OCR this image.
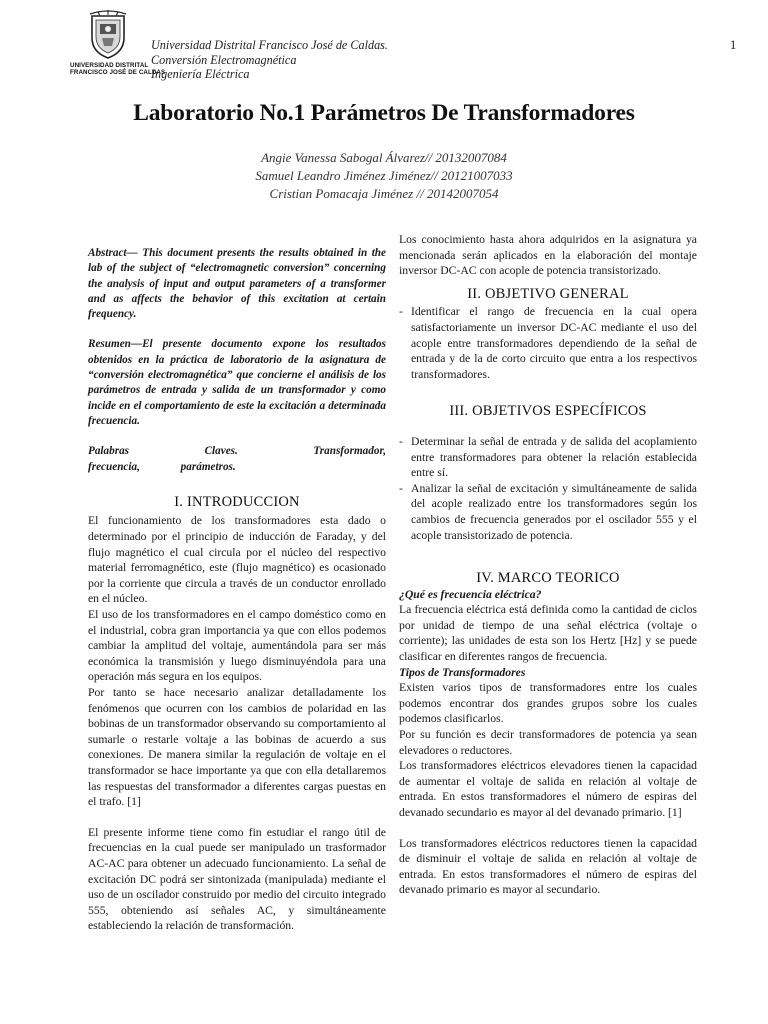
UNIVERSIDAD DISTRITAL
FRANCISCO JOSÉ DE CALDAS
Universidad Distrital Francisco José de Caldas.
Conversión Electromagnética
Ingeniería Eléctrica
1
Laboratorio No.1 Parámetros De Transformadores
Angie Vanessa Sabogal Álvarez// 20132007084
Samuel Leandro Jiménez Jiménez// 20121007033
Cristian Pomacaja Jiménez // 20142007054

Abstract— This document presents the results obtained in the lab of the subject of “electromagnetic conversion” concerning the analysis of input and output parameters of a transformer and as affects the behavior of this excitation at certain frequency.

Resumen—El presente documento expone los resultados obtenidos en la práctica de laboratorio de la asignatura de “conversión electromagnética” que concierne el análisis de los parámetros de entrada y salida de un transformador y como incide en el comportamiento de este la excitación a determinada frecuencia.

Palabras Claves. Transformador, frecuencia, parámetros.

I. INTRODUCCION

El funcionamiento de los transformadores esta dado o determinado por el principio de inducción de Faraday, y del flujo magnético el cual circula por el núcleo del respectivo material ferromagnético, este (flujo magnético) es ocasionado por la corriente que circula a través de un conductor enrollado en el núcleo.

El uso de los transformadores en el campo doméstico como en el industrial, cobra gran importancia ya que con ellos podemos cambiar la amplitud del voltaje, aumentándola para ser más económica la transmisión y luego disminuyéndola para una operación más segura en los equipos.

Por tanto se hace necesario analizar detalladamente los fenómenos que ocurren con los cambios de polaridad en las bobinas de un transformador observando su comportamiento al sumarle o restarle voltaje a las bobinas de acuerdo a sus conexiones. De manera similar la regulación de voltaje en el transformador se hace importante ya que con ella detallaremos las respuestas del transformador a diferentes cargas puestas en el trafo. [1]

El presente informe tiene como fin estudiar el rango útil de frecuencias en la cual puede ser manipulado un trasformador AC-AC para obtener un adecuado funcionamiento. La señal de excitación DC podrá ser sintonizada (manipulada) mediante el uso de un oscilador construido por medio del circuito integrado 555, obteniendo así señales AC, y simultáneamente estableciendo la relación de transformación.

Los conocimiento hasta ahora adquiridos en la asignatura ya mencionada serán aplicados en la elaboración del montaje inversor DC-AC con acople de potencia transistorizado.

II. OBJETIVO GENERAL
- Identificar el rango de frecuencia en la cual opera satisfactoriamente un inversor DC-AC mediante el uso del acople entre transformadores dependiendo de la señal de entrada y de la de corto circuito que entra a los respectivos transformadores.

III. OBJETIVOS ESPECÍFICOS
- Determinar la señal de entrada y de salida del acoplamiento entre transformadores para obtener la relación establecida entre sí.

- Analizar la señal de excitación y simultáneamente de salida del acople realizado entre los transformadores según los cambios de frecuencia generados por el oscilador 555 y el acople transistorizado de potencia.

IV. MARCO TEORICO

¿Qué es frecuencia eléctrica?

La frecuencia eléctrica está definida como la cantidad de ciclos por unidad de tiempo de una señal eléctrica (voltaje o corriente); las unidades de esta son los Hertz [Hz] y se puede clasificar en diferentes rangos de frecuencia.

Tipos de Transformadores

Existen varios tipos de transformadores entre los cuales podemos encontrar dos grandes grupos sobre los cuales podemos clasificarlos.

Por su función es decir transformadores de potencia ya sean elevadores o reductores.

Los transformadores eléctricos elevadores tienen la capacidad de aumentar el voltaje de salida en relación al voltaje de entrada. En estos transformadores el número de espiras del devanado secundario es mayor al del devanado primario. [1]

Los transformadores eléctricos reductores tienen la capacidad de disminuir el voltaje de salida en relación al voltaje de entrada. En estos transformadores el número de espiras del devanado primario es mayor al secundario.
